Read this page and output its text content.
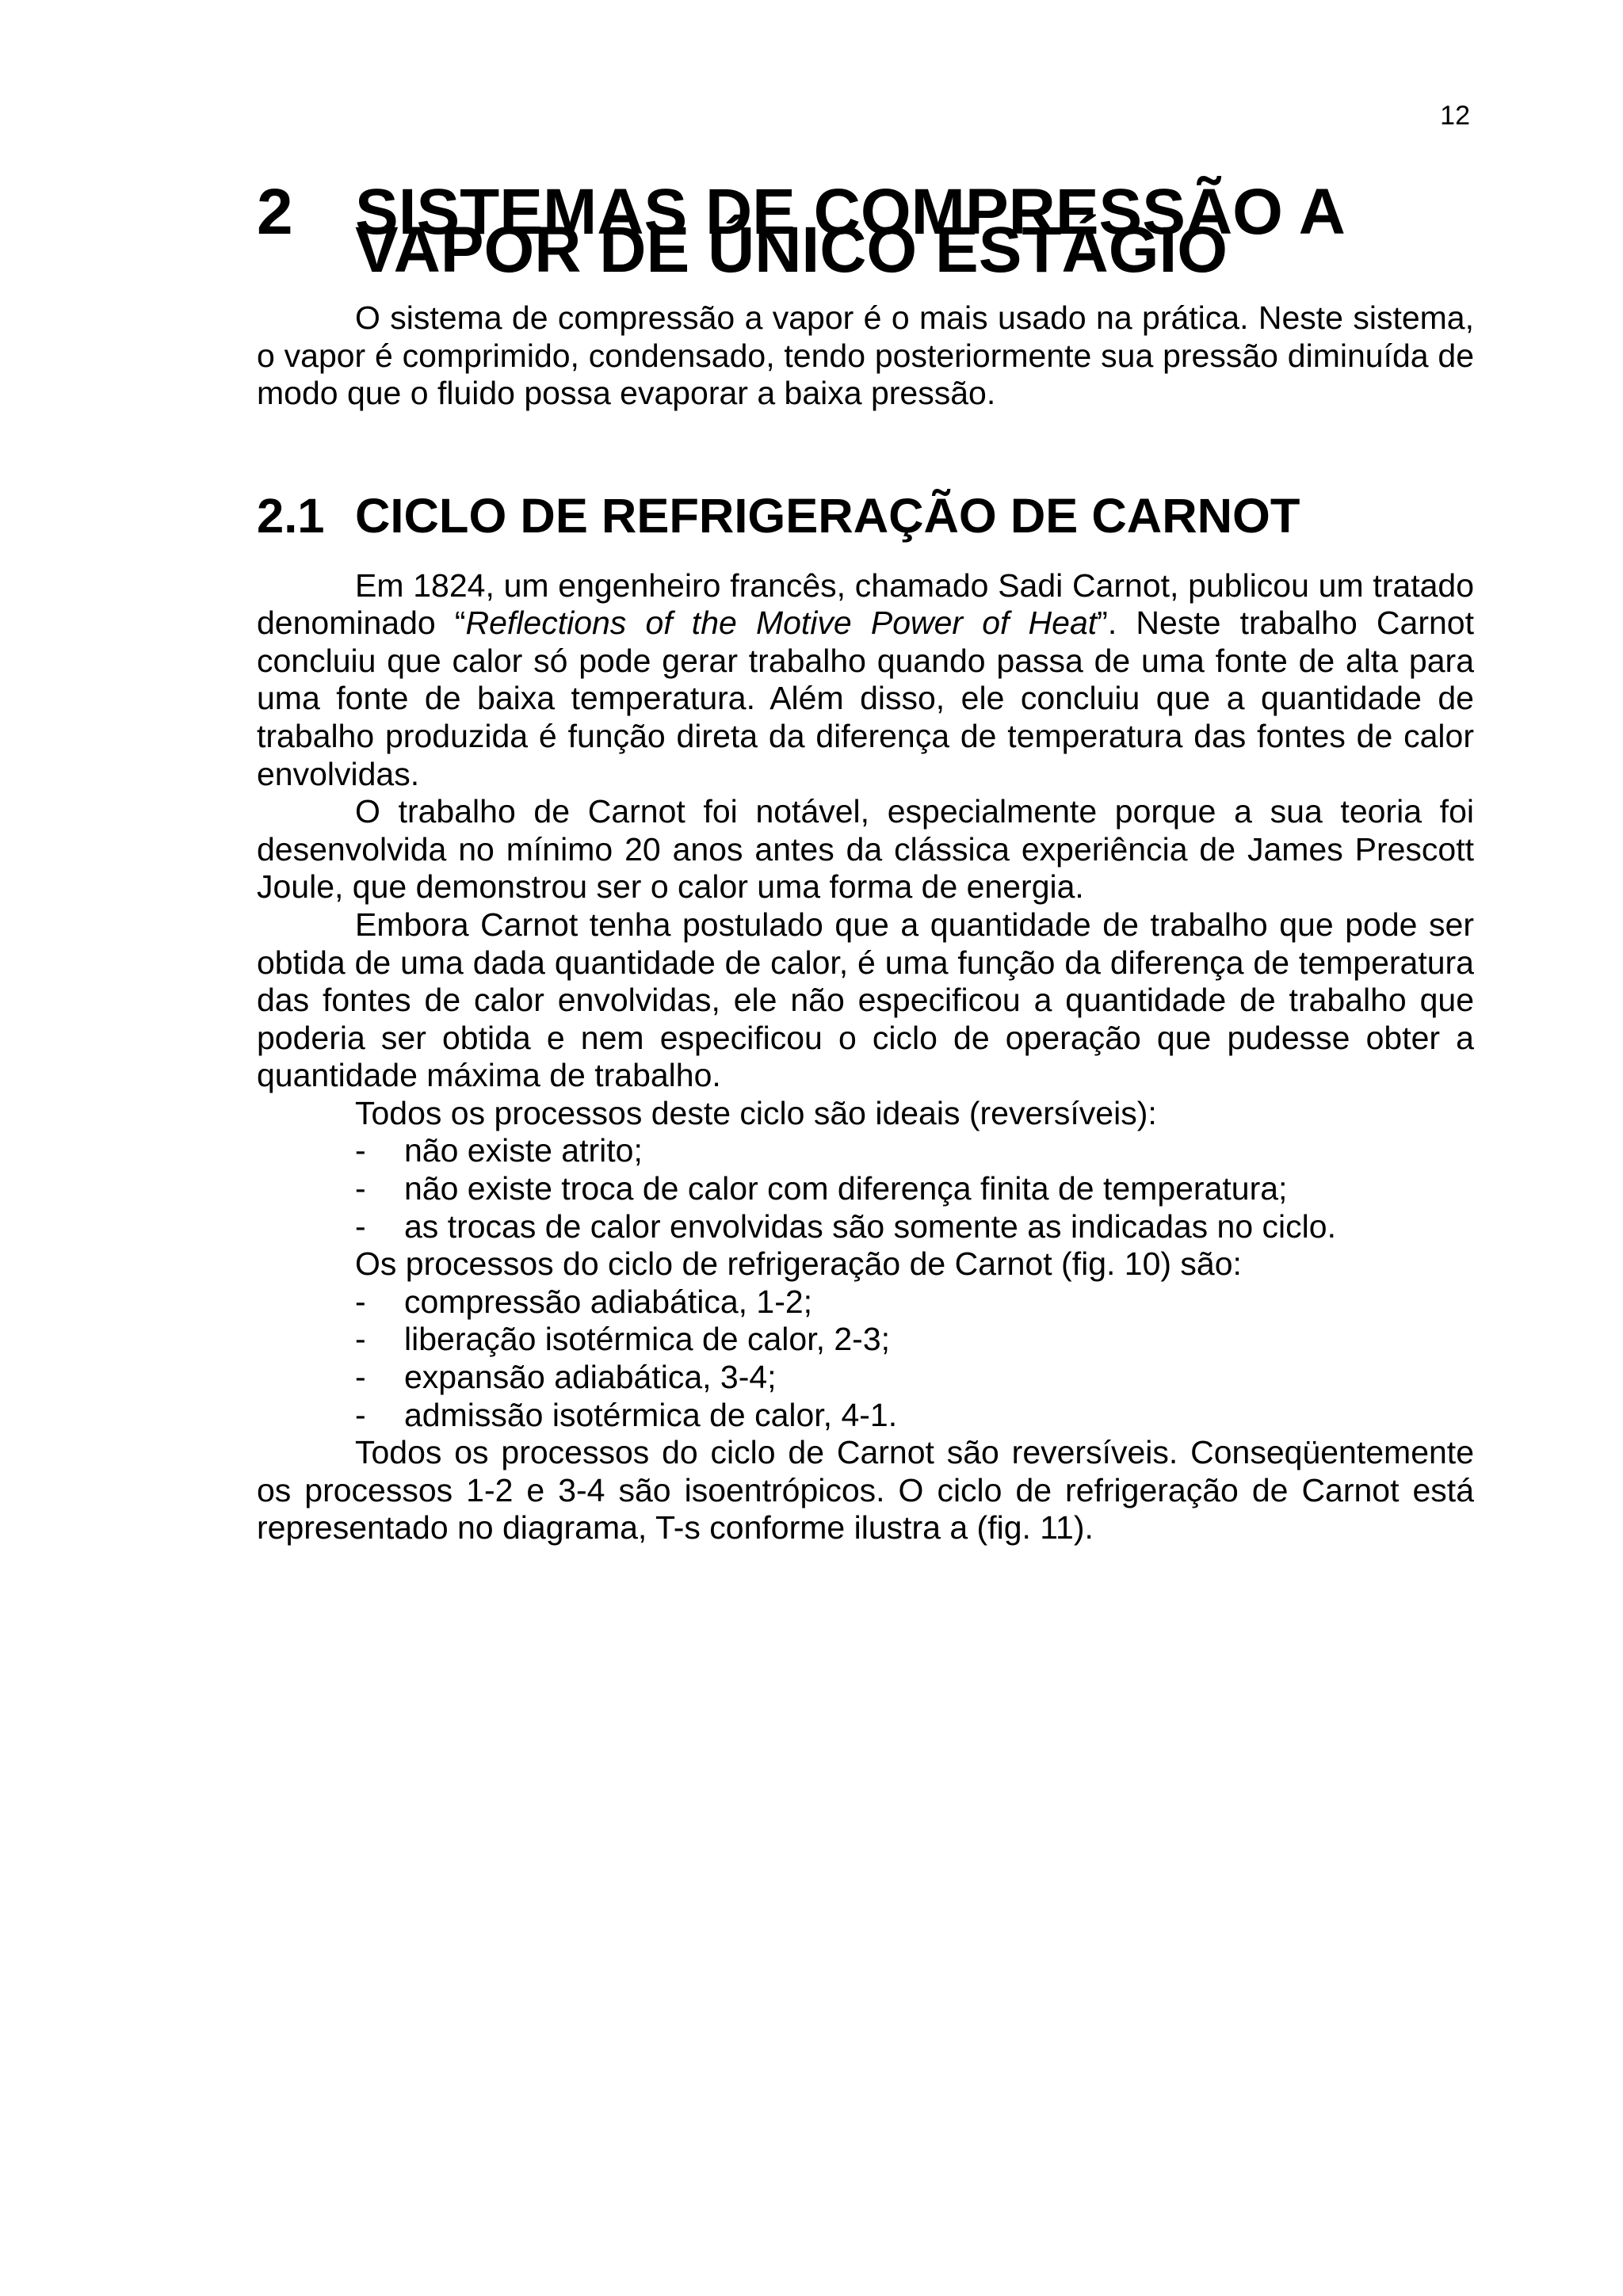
12
2 SISTEMAS DE COMPRESSÃO A VAPOR DE ÚNICO ESTÁGIO

O sistema de compressão a vapor é o mais usado na prática. Neste sistema, o vapor é comprimido, condensado, tendo posteriormente sua pressão diminuída de modo que o fluido possa evaporar a baixa pressão.

2.1 CICLO DE REFRIGERAÇÃO DE CARNOT

Em 1824, um engenheiro francês, chamado Sadi Carnot, publicou um tratado denominado “Reflections of the Motive Power of Heat”. Neste trabalho Carnot concluiu que calor só pode gerar trabalho quando passa de uma fonte de alta para uma fonte de baixa temperatura. Além disso, ele concluiu que a quantidade de trabalho produzida é função direta da diferença de temperatura das fontes de calor envolvidas.

O trabalho de Carnot foi notável, especialmente porque a sua teoria foi desenvolvida no mínimo 20 anos antes da clássica experiência de James Prescott Joule, que demonstrou ser o calor uma forma de energia.

Embora Carnot tenha postulado que a quantidade de trabalho que pode ser obtida de uma dada quantidade de calor, é uma função da diferença de temperatura das fontes de calor envolvidas, ele não especificou a quantidade de trabalho que poderia ser obtida e nem especificou o ciclo de operação que pudesse obter a quantidade máxima de trabalho.

Todos os processos deste ciclo são ideais (reversíveis):

-	não existe atrito;
-	não existe troca de calor com diferença finita de temperatura;
-	as trocas de calor envolvidas são somente as indicadas no ciclo.

Os processos do ciclo de refrigeração de Carnot (fig. 10) são:

-	compressão adiabática, 1-2;
-	liberação isotérmica de calor, 2-3;
-	expansão adiabática, 3-4;
-	admissão isotérmica de calor, 4-1.

Todos os processos do ciclo de Carnot são reversíveis. Conseqüentemente os processos 1-2 e 3-4 são isoentrópicos. O ciclo de refrigeração de Carnot está representado no diagrama, T-s conforme ilustra a (fig. 11).
